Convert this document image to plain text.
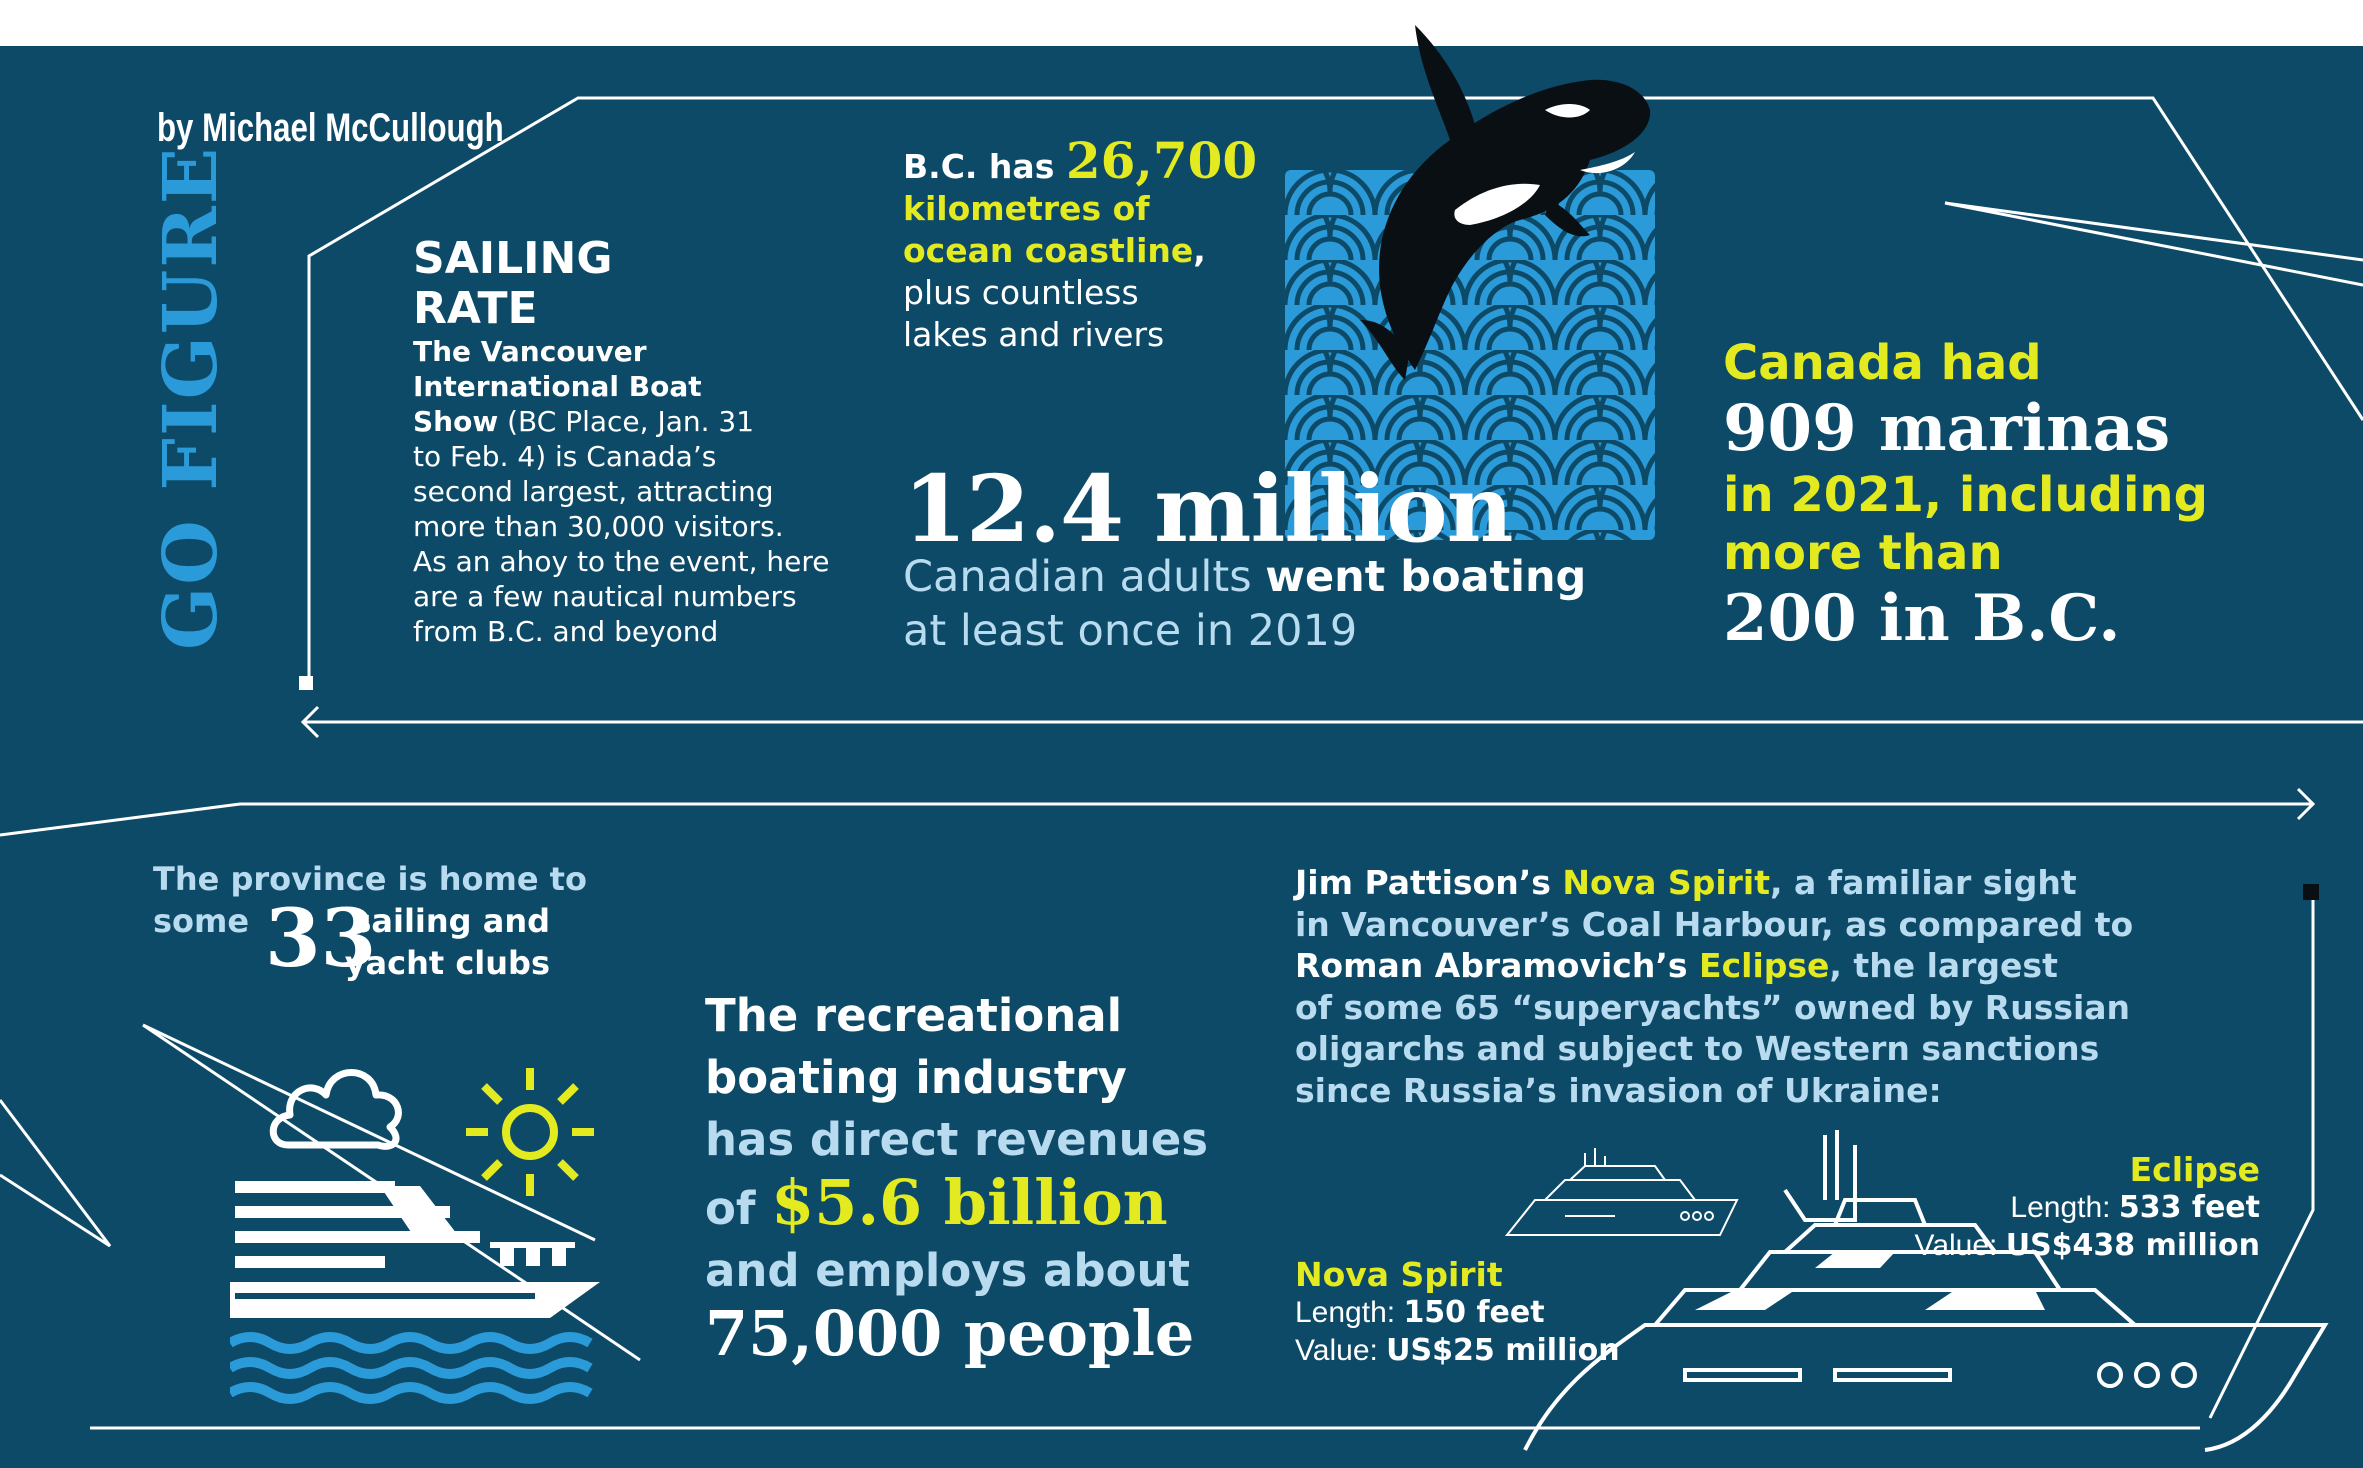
by Michael McCullough
GO FIGURE	SAILING
RATE
The Vancouver
International Boat
Show (BC Place, Jan. 31
to Feb. 4) is Canada’s
second largest, attracting
more than 30,000 visitors.
As an ahoy to the event, here
are a few nautical numbers
from B.C. and beyond
B.C. has 26,700
kilometres of
ocean coastline,
plus countless
lakes and rivers
12.4 million
Canadian adults went boating
at least once in 2019
Canada had
909 marinas
in 2021, including
more than
200 in B.C.
The province is home to
some 33
sailing and
yacht clubs
The recreational
boating industry
has direct revenues
of $5.6 billion
and employs about
75,000 people
Jim Pattison’s Nova Spirit, a familiar sight
in Vancouver’s Coal Harbour, as compared to
Roman Abramovich’s Eclipse, the largest
of some 65 “superyachts” owned by Russian
oligarchs and subject to Western sanctions
since Russia’s invasion of Ukraine:
Eclipse
Length: 533 feet
Value: US$438 million
Nova Spirit
Length: 150 feet
Value: US$25 million
